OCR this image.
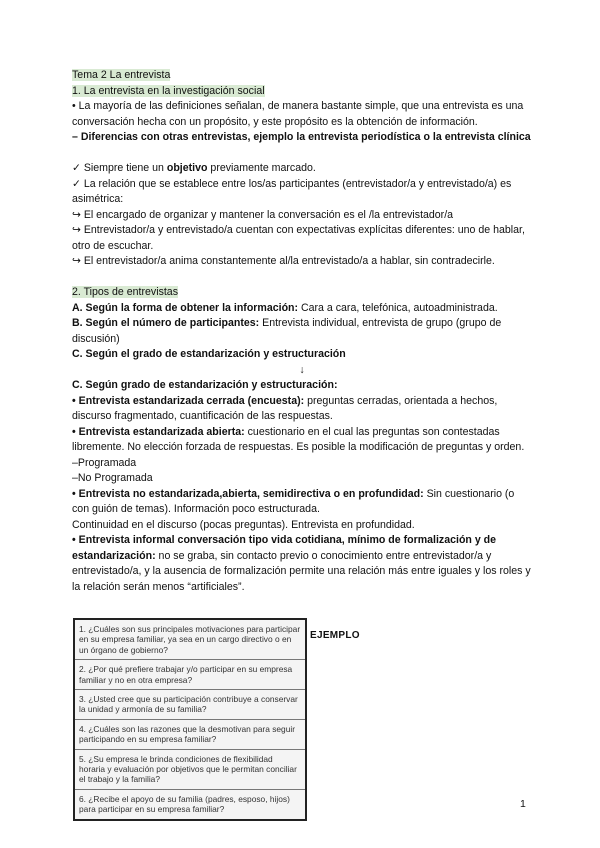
Tema 2 La entrevista
1. La entrevista en la investigación social
• La mayoría de las definiciones señalan, de manera bastante simple, que una entrevista es una conversación hecha con un propósito, y este propósito es la obtención de información.
– Diferencias con otras entrevistas, ejemplo la entrevista periodística o la entrevista clínica
✓ Siempre tiene un objetivo previamente marcado.
✓ La relación que se establece entre los/as participantes (entrevistador/a y entrevistado/a) es asimétrica:
↪ El encargado de organizar y mantener la conversación es el /la entrevistador/a
↪ Entrevistador/a y entrevistado/a cuentan con expectativas explícitas diferentes: uno de hablar, otro de escuchar.
↪ El entrevistador/a anima constantemente al/la entrevistado/a a hablar, sin contradecirle.
2. Tipos de entrevistas
A. Según la forma de obtener la información: Cara a cara, telefónica, autoadministrada.
B. Según el número de participantes: Entrevista individual, entrevista de grupo (grupo de discusión)
C. Según el grado de estandarización y estructuración
↓
C. Según grado de estandarización y estructuración:
• Entrevista estandarizada cerrada (encuesta): preguntas cerradas, orientada a hechos, discurso fragmentado, cuantificación de las respuestas.
• Entrevista estandarizada abierta: cuestionario en el cual las preguntas son contestadas libremente. No elección forzada de respuestas. Es posible la modificación de preguntas y orden.
–Programada
–No Programada
• Entrevista no estandarizada,abierta, semidirectiva o en profundidad: Sin cuestionario (o con guión de temas). Información poco estructurada.
Continuidad en el discurso (pocas preguntas). Entrevista en profundidad.
• Entrevista informal conversación tipo vida cotidiana, mínimo de formalización y de estandarización: no se graba, sin contacto previo o conocimiento entre entrevistador/a y entrevistado/a, y la ausencia de formalización permite una relación más entre iguales y los roles y la relación serán menos “artificiales”.
1. ¿Cuáles son sus principales motivaciones para participar en su empresa familiar, ya sea en un cargo directivo o en un órgano de gobierno?
2. ¿Por qué prefiere trabajar y/o participar en su empresa familiar y no en otra empresa?
3. ¿Usted cree que su participación contribuye a conservar la unidad y armonía de su familia?
4. ¿Cuáles son las razones que la desmotivan para seguir participando en su empresa familiar?
5. ¿Su empresa le brinda condiciones de flexibilidad horaria y evaluación por objetivos que le permitan conciliar el trabajo y la familia?
6. ¿Recibe el apoyo de su familia (padres, esposo, hijos) para participar en su empresa familiar?
EJEMPLO
1
